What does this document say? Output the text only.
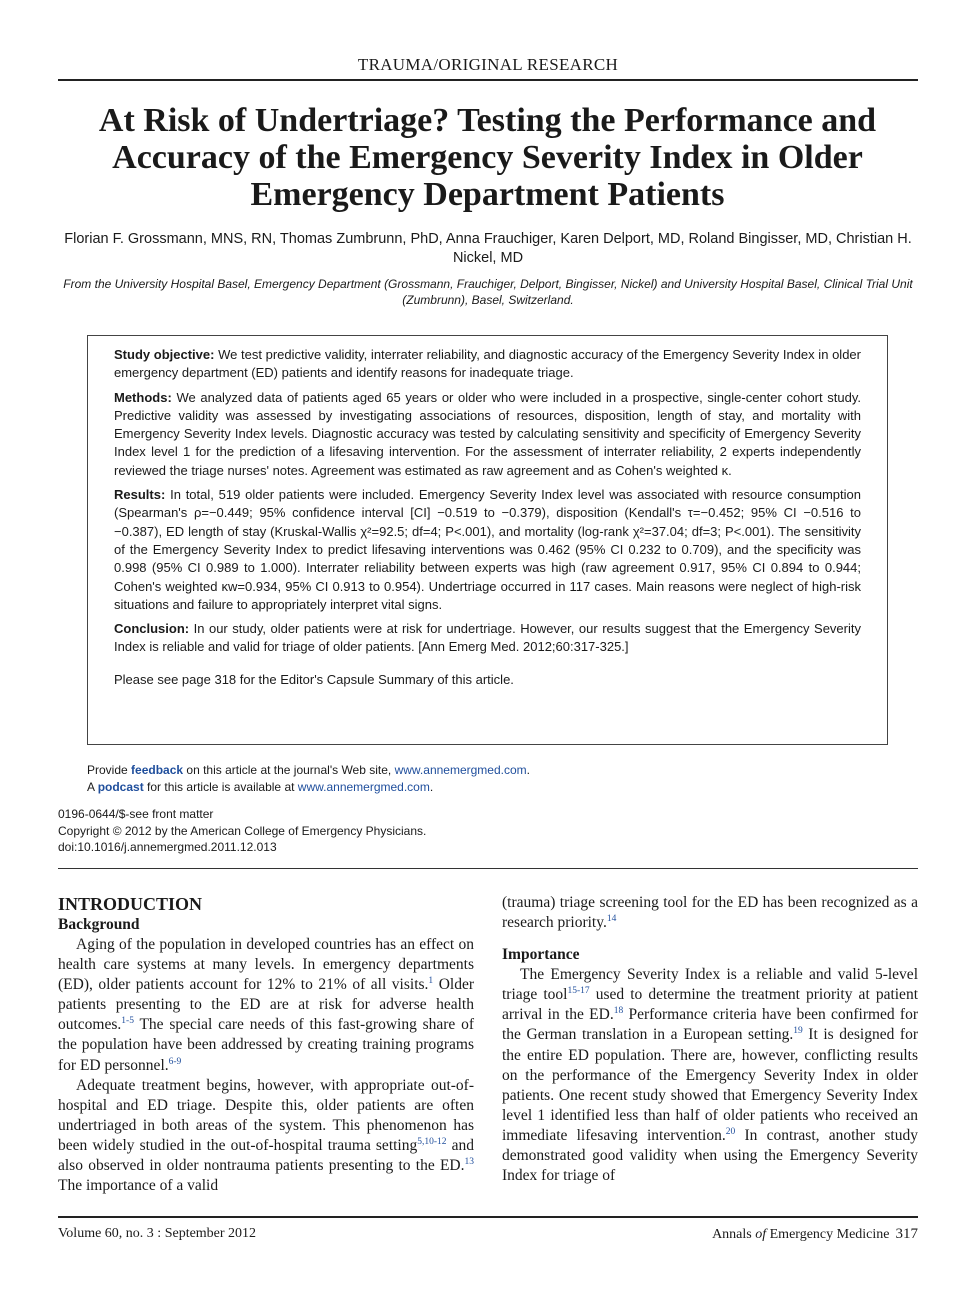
TRAUMA/ORIGINAL RESEARCH
At Risk of Undertriage? Testing the Performance and Accuracy of the Emergency Severity Index in Older Emergency Department Patients
Florian F. Grossmann, MNS, RN, Thomas Zumbrunn, PhD, Anna Frauchiger, Karen Delport, MD, Roland Bingisser, MD, Christian H. Nickel, MD
From the University Hospital Basel, Emergency Department (Grossmann, Frauchiger, Delport, Bingisser, Nickel) and University Hospital Basel, Clinical Trial Unit (Zumbrunn), Basel, Switzerland.

Study objective: We test predictive validity, interrater reliability, and diagnostic accuracy of the Emergency Severity Index in older emergency department (ED) patients and identify reasons for inadequate triage.

Methods: We analyzed data of patients aged 65 years or older who were included in a prospective, single-center cohort study. Predictive validity was assessed by investigating associations of resources, disposition, length of stay, and mortality with Emergency Severity Index levels. Diagnostic accuracy was tested by calculating sensitivity and specificity of Emergency Severity Index level 1 for the prediction of a lifesaving intervention. For the assessment of interrater reliability, 2 experts independently reviewed the triage nurses' notes. Agreement was estimated as raw agreement and as Cohen's weighted κ.

Results: In total, 519 older patients were included. Emergency Severity Index level was associated with resource consumption (Spearman's ρ=−0.449; 95% confidence interval [CI] −0.519 to −0.379), disposition (Kendall's τ=−0.452; 95% CI −0.516 to −0.387), ED length of stay (Kruskal-Wallis χ²=92.5; df=4; P<.001), and mortality (log-rank χ²=37.04; df=3; P<.001). The sensitivity of the Emergency Severity Index to predict lifesaving interventions was 0.462 (95% CI 0.232 to 0.709), and the specificity was 0.998 (95% CI 0.989 to 1.000). Interrater reliability between experts was high (raw agreement 0.917, 95% CI 0.894 to 0.944; Cohen's weighted κw=0.934, 95% CI 0.913 to 0.954). Undertriage occurred in 117 cases. Main reasons were neglect of high-risk situations and failure to appropriately interpret vital signs.

Conclusion: In our study, older patients were at risk for undertriage. However, our results suggest that the Emergency Severity Index is reliable and valid for triage of older patients. [Ann Emerg Med. 2012;60:317-325.]

Please see page 318 for the Editor's Capsule Summary of this article.

Provide feedback on this article at the journal's Web site, www.annemergmed.com.
A podcast for this article is available at www.annemergmed.com.
0196-0644/$-see front matter
Copyright © 2012 by the American College of Emergency Physicians.
doi:10.1016/j.annemergmed.2011.12.013
INTRODUCTION
Background

Aging of the population in developed countries has an effect on health care systems at many levels. In emergency departments (ED), older patients account for 12% to 21% of all visits.$^1$ Older patients presenting to the ED are at risk for adverse health outcomes.$^{1-5}$ The special care needs of this fast-growing share of the population have been addressed by creating training programs for ED personnel.$^{6-9}$

Adequate treatment begins, however, with appropriate out-of-hospital and ED triage. Despite this, older patients are often undertriaged in both areas of the system. This phenomenon has been widely studied in the out-of-hospital trauma setting$^{5,10-12}$ and also observed in older nontrauma patients presenting to the ED.$^{13}$ The importance of a valid

(trauma) triage screening tool for the ED has been recognized as a research priority.$^{14}$

Importance

The Emergency Severity Index is a reliable and valid 5-level triage tool$^{15-17}$ used to determine the treatment priority at patient arrival in the ED.$^{18}$ Performance criteria have been confirmed for the German translation in a European setting.$^{19}$ It is designed for the entire ED population. There are, however, conflicting results on the performance of the Emergency Severity Index in older patients. One recent study showed that Emergency Severity Index level 1 identified less than half of older patients who received an immediate lifesaving intervention.$^{20}$ In contrast, another study demonstrated good validity when using the Emergency Severity Index for triage of

Volume 60, no. 3 : September 2012	Annals of Emergency Medicine 317
